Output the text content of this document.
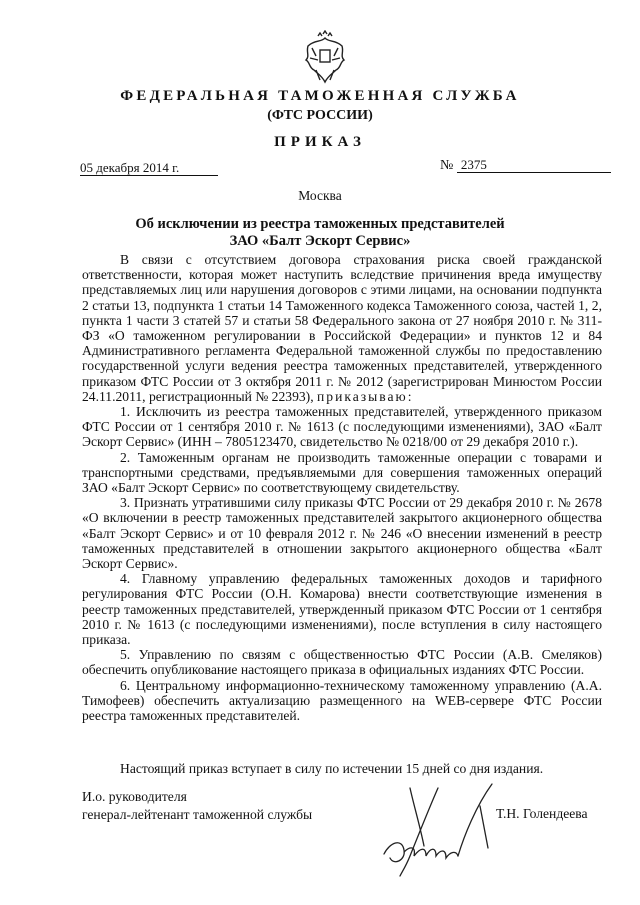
ФЕДЕРАЛЬНАЯ ТАМОЖЕННАЯ СЛУЖБА
(ФТС РОССИИ)
ПРИКАЗ
05 декабря 2014 г.	№ 2375
Москва
Об исключении из реестра таможенных представителей
ЗАО «Балт Эскорт Сервис»

В связи с отсутствием договора страхования риска своей гражданской ответственности, которая может наступить вследствие причинения вреда имуществу представляемых лиц или нарушения договоров с этими лицами, на основании подпункта 2 статьи 13, подпункта 1 статьи 14 Таможенного кодекса Таможенного союза, частей 1, 2, пункта 1 части 3 статей 57 и статьи 58 Федерального закона от 27 ноября 2010 г. № 311-ФЗ «О таможенном регулировании в Российской Федерации» и пунктов 12 и 84 Административного регламента Федеральной таможенной службы по предоставлению государственной услуги ведения реестра таможенных представителей, утвержденного приказом ФТС России от 3 октября 2011 г. № 2012 (зарегистрирован Минюстом России 24.11.2011, регистрационный № 22393), приказываю:

1. Исключить из реестра таможенных представителей, утвержденного приказом ФТС России от 1 сентября 2010 г. № 1613 (с последующими изменениями), ЗАО «Балт Эскорт Сервис» (ИНН – 7805123470, свидетельство № 0218/00 от 29 декабря 2010 г.).

2. Таможенным органам не производить таможенные операции с товарами и транспортными средствами, предъявляемыми для совершения таможенных операций ЗАО «Балт Эскорт Сервис» по соответствующему свидетельству.

3. Признать утратившими силу приказы ФТС России от 29 декабря 2010 г. № 2678 «О включении в реестр таможенных представителей закрытого акционерного общества «Балт Эскорт Сервис» и от 10 февраля 2012 г. № 246 «О внесении изменений в реестр таможенных представителей в отношении закрытого акционерного общества «Балт Эскорт Сервис».

4. Главному управлению федеральных таможенных доходов и тарифного регулирования ФТС России (О.Н. Комарова) внести соответствующие изменения в реестр таможенных представителей, утвержденный приказом ФТС России от 1 сентября 2010 г. № 1613 (с последующими изменениями), после вступления в силу настоящего приказа.

5. Управлению по связям с общественностью ФТС России (А.В. Смеляков) обеспечить опубликование настоящего приказа в официальных изданиях ФТС России.

6. Центральному информационно-техническому таможенному управлению (А.А. Тимофеев) обеспечить актуализацию размещенного на WEB-сервере ФТС России реестра таможенных представителей.

Настоящий приказ вступает в силу по истечении 15 дней со дня издания.
И.о. руководителя
генерал-лейтенант таможенной службы	Т.Н. Голендеева
